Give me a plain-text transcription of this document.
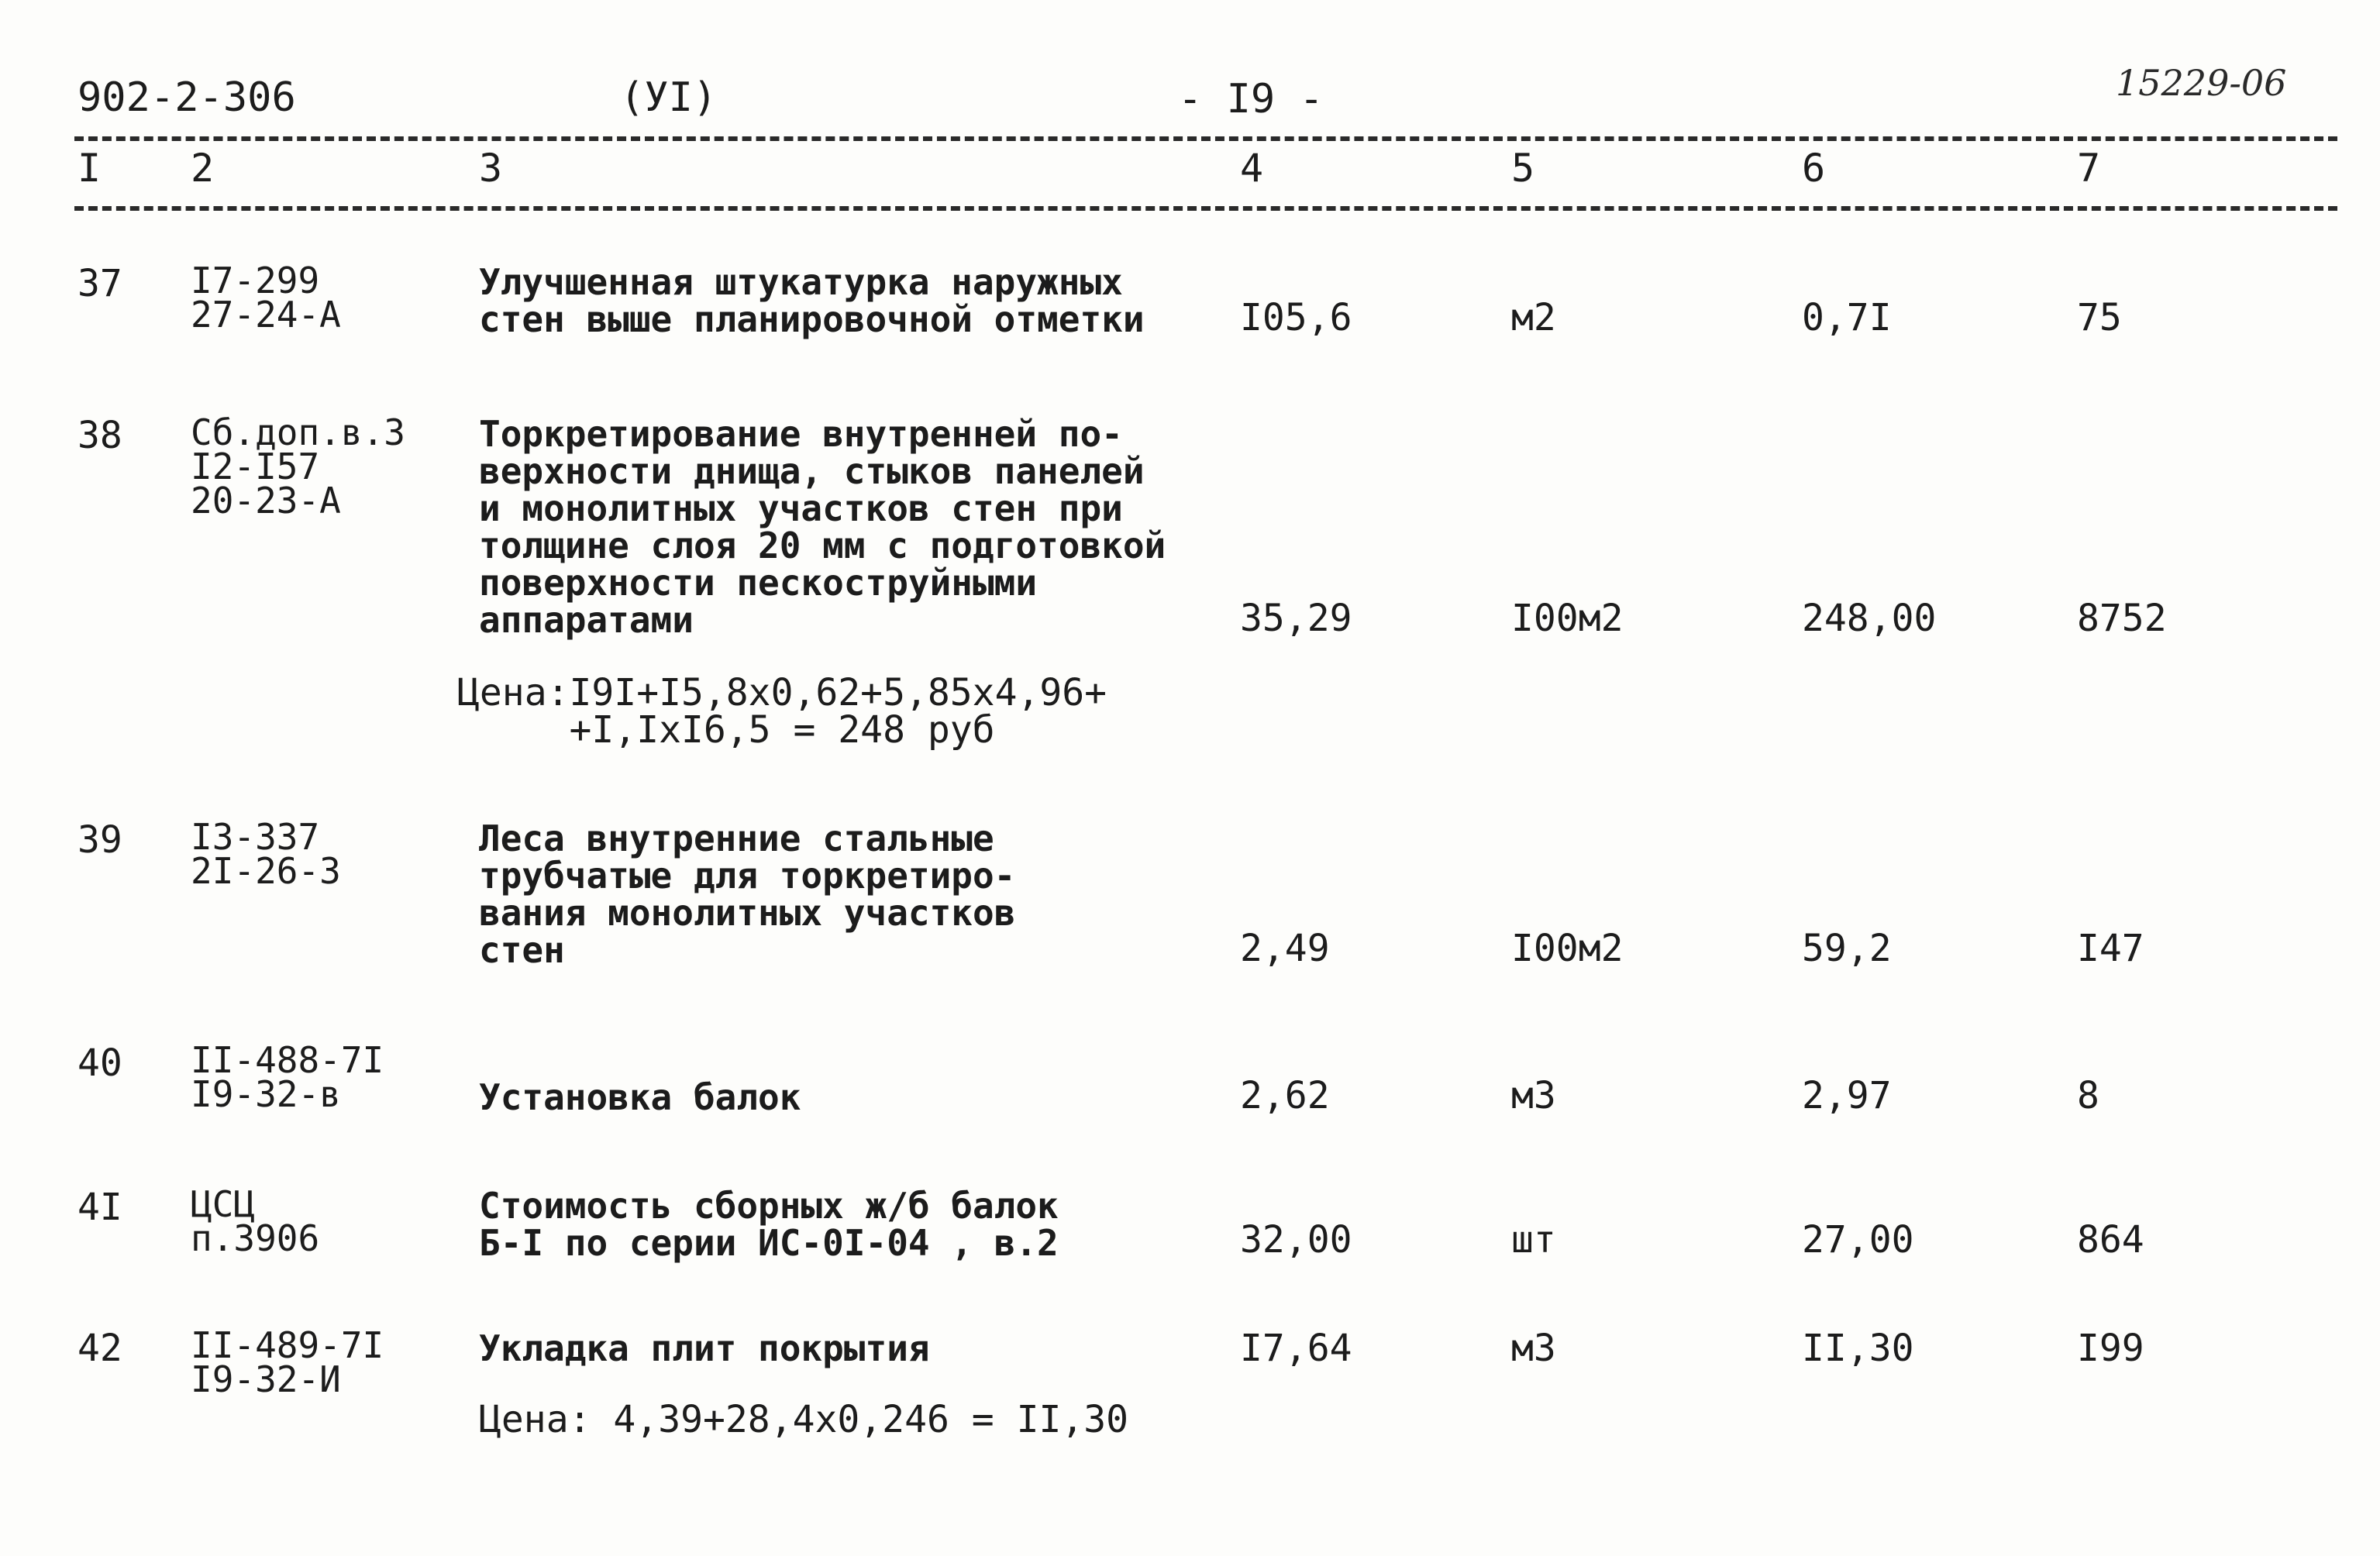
902-2-306	(УI)	- I9 -	15229-06
I 2	3	4	5	6	7
37 I7-299
27-24-А
Улучшенная штукатурка наружных
стен выше планировочной отметки	I05,6	м2	0,7I	75
38 Сб.доп.в.3
I2-I57
20-23-А
Торкретирование внутренней по-
верхности днища, стыков панелей
и монолитных участков стен при
толщине слоя 20 мм с подготовкой
поверхности пескоструйными
аппаратами	35,29	I00м2	248,00	8752
Цена:I9I+I5,8x0,62+5,85x4,96+
+I,IxI6,5 = 248 руб
39 I3-337
2I-26-3
Леса внутренние стальные
трубчатые для торкретиро-
вания монолитных участков
стен	2,49	I00м2	59,2	I47
40 II-488-7I
I9-32-в	Установка балок	2,62	м3	2,97	8
4I ЦСЦ
п.3906
Стоимость сборных ж/б балок
Б-I по серии ИС-0I-04 , в.2	32,00	шт	27,00	864
42 II-489-7I
I9-32-И
Укладка плит покрытия	I7,64	м3	II,30	I99
Цена: 4,39+28,4x0,246 = II,30
